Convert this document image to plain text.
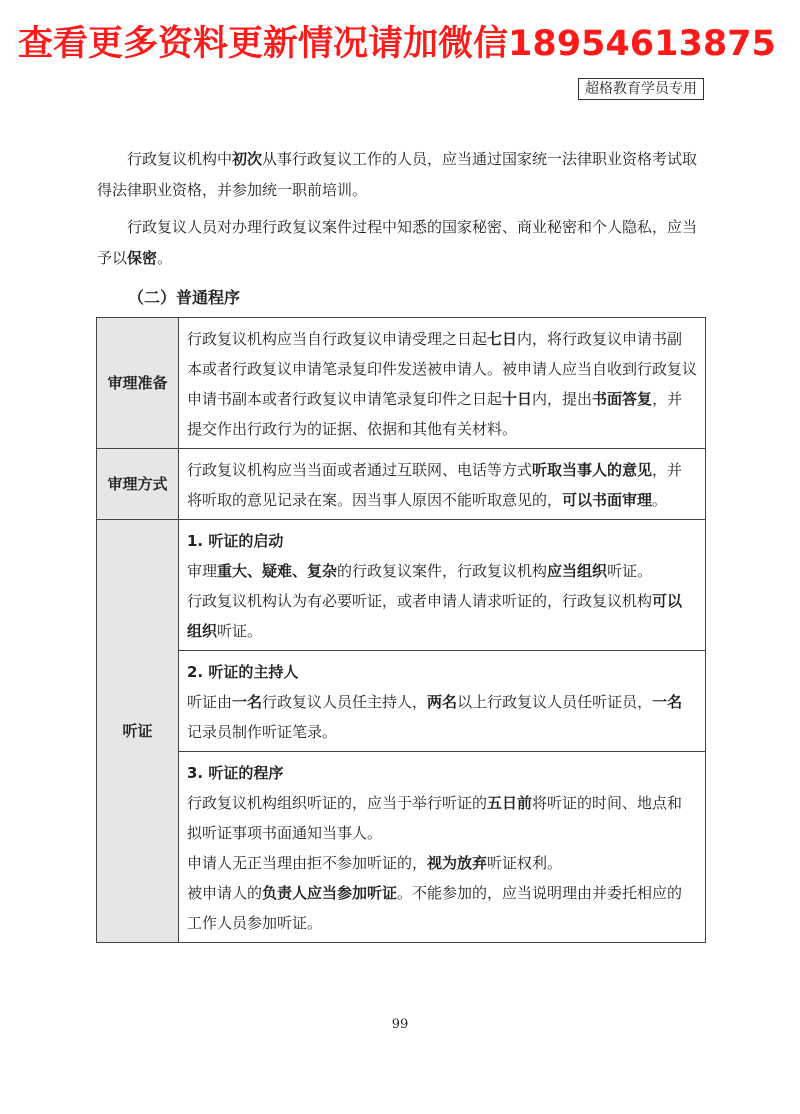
查看更多资料更新情况请加微信18954613875
超格教育学员专用
行政复议机构中初次从事行政复议工作的人员，应当通过国家统一法律职业资格考试取得法律职业资格，并参加统一职前培训。
行政复议人员对办理行政复议案件过程中知悉的国家秘密、商业秘密和个人隐私，应当予以保密。
（二）普通程序
审理准备	行政复议机构应当自行政复议申请受理之日起七日内，将行政复议申请书副本或者行政复议申请笔录复印件发送被申请人。被申请人应当自收到行政复议申请书副本或者行政复议申请笔录复印件之日起十日内，提出书面答复，并提交作出行政行为的证据、依据和其他有关材料。
审理方式	行政复议机构应当当面或者通过互联网、电话等方式听取当事人的意见，并将听取的意见记录在案。因当事人原因不能听取意见的，可以书面审理。
听证	1. 听证的启动
审理重大、疑难、复杂的行政复议案件，行政复议机构应当组织听证。
行政复议机构认为有必要听证，或者申请人请求听证的，行政复议机构可以组织听证。

	2. 听证的主持人
听证由一名行政复议人员任主持人，两名以上行政复议人员任听证员，一名记录员制作听证笔录。

	3. 听证的程序
行政复议机构组织听证的，应当于举行听证的五日前将听证的时间、地点和拟听证事项书面通知当事人。
申请人无正当理由拒不参加听证的，视为放弃听证权利。
被申请人的负责人应当参加听证。不能参加的，应当说明理由并委托相应的工作人员参加听证。
99
